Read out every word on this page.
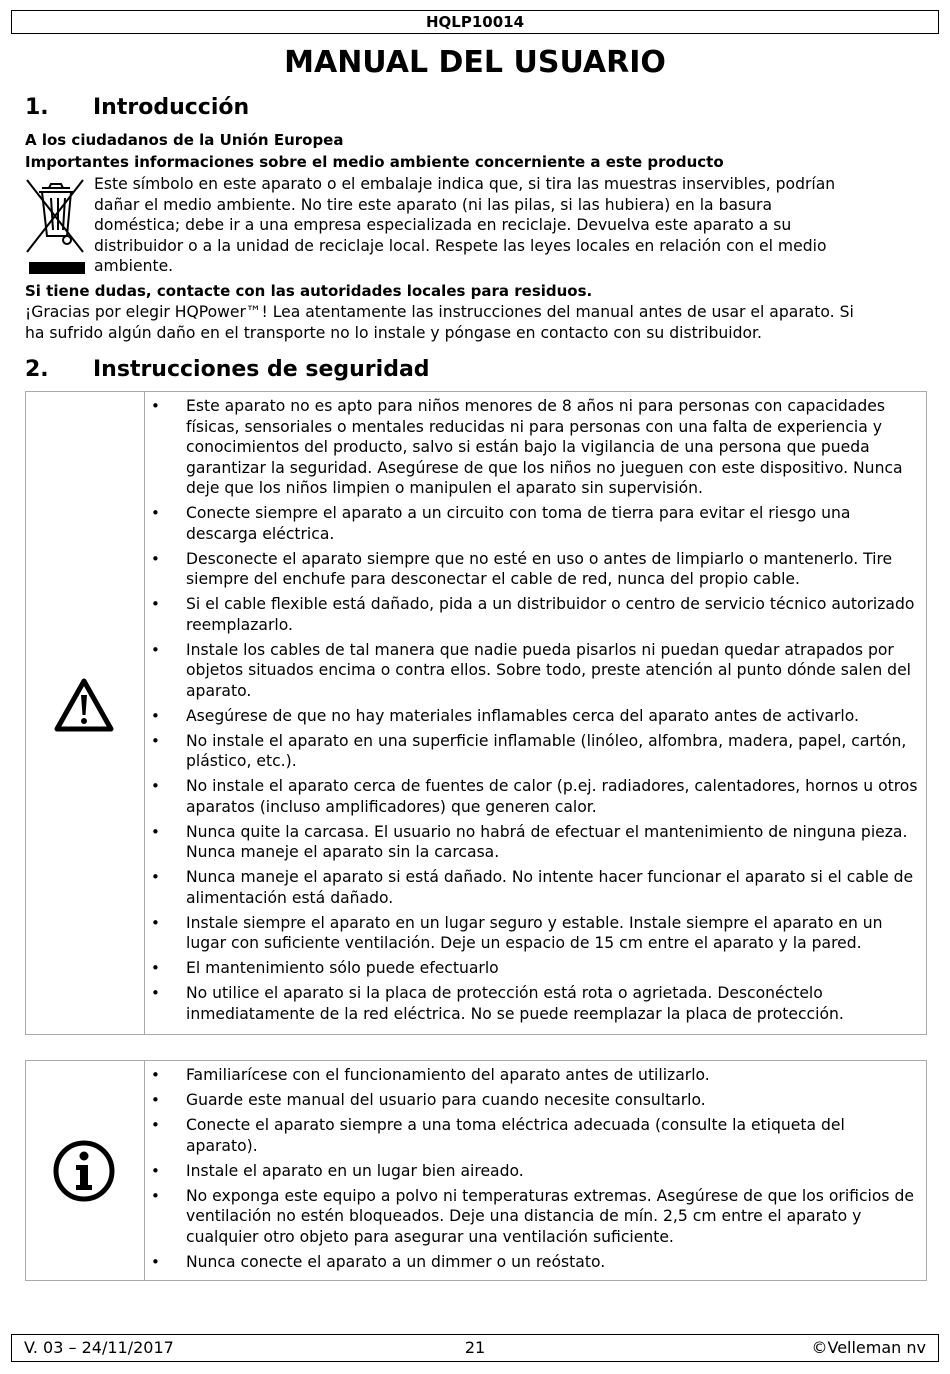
HQLP10014
MANUAL DEL USUARIO
1. Introducción
A los ciudadanos de la Unión Europea
Importantes informaciones sobre el medio ambiente concerniente a este producto
Este símbolo en este aparato o el embalaje indica que, si tira las muestras inservibles, podrían
dañar el medio ambiente. No tire este aparato (ni las pilas, si las hubiera) en la basura
doméstica; debe ir a una empresa especializada en reciclaje. Devuelva este aparato a su
distribuidor o a la unidad de reciclaje local. Respete las leyes locales en relación con el medio
ambiente.
Si tiene dudas, contacte con las autoridades locales para residuos.
¡Gracias por elegir HQPower™! Lea atentamente las instrucciones del manual antes de usar el aparato. Si
ha sufrido algún daño en el transporte no lo instale y póngase en contacto con su distribuidor.
2. Instrucciones de seguridad
• Este aparato no es apto para niños menores de 8 años ni para personas con capacidades físicas, sensoriales o mentales reducidas ni para personas con una falta de experiencia y conocimientos del producto, salvo si están bajo la vigilancia de una persona que pueda garantizar la seguridad. Asegúrese de que los niños no jueguen con este dispositivo. Nunca deje que los niños limpien o manipulen el aparato sin supervisión.
• Conecte siempre el aparato a un circuito con toma de tierra para evitar el riesgo una descarga eléctrica.
• Desconecte el aparato siempre que no esté en uso o antes de limpiarlo o mantenerlo. Tire siempre del enchufe para desconectar el cable de red, nunca del propio cable.
• Si el cable flexible está dañado, pida a un distribuidor o centro de servicio técnico autorizado reemplazarlo.
• Instale los cables de tal manera que nadie pueda pisarlos ni puedan quedar atrapados por objetos situados encima o contra ellos. Sobre todo, preste atención al punto dónde salen del aparato.
• Asegúrese de que no hay materiales inflamables cerca del aparato antes de activarlo.
• No instale el aparato en una superficie inflamable (linóleo, alfombra, madera, papel, cartón, plástico, etc.).
• No instale el aparato cerca de fuentes de calor (p.ej. radiadores, calentadores, hornos u otros aparatos (incluso amplificadores) que generen calor.
• Nunca quite la carcasa. El usuario no habrá de efectuar el mantenimiento de ninguna pieza. Nunca maneje el aparato sin la carcasa.
• Nunca maneje el aparato si está dañado. No intente hacer funcionar el aparato si el cable de alimentación está dañado.
• Instale siempre el aparato en un lugar seguro y estable. Instale siempre el aparato en un lugar con suficiente ventilación. Deje un espacio de 15 cm entre el aparato y la pared.
• El mantenimiento sólo puede efectuarlo
• No utilice el aparato si la placa de protección está rota o agrietada. Desconéctelo inmediatamente de la red eléctrica. No se puede reemplazar la placa de protección.
• Familiarícese con el funcionamiento del aparato antes de utilizarlo.
• Guarde este manual del usuario para cuando necesite consultarlo.
• Conecte el aparato siempre a una toma eléctrica adecuada (consulte la etiqueta del aparato).
• Instale el aparato en un lugar bien aireado.
• No exponga este equipo a polvo ni temperaturas extremas. Asegúrese de que los orificios de ventilación no estén bloqueados. Deje una distancia de mín. 2,5 cm entre el aparato y cualquier otro objeto para asegurar una ventilación suficiente.
• Nunca conecte el aparato a un dimmer o un reóstato.
V. 03 – 24/11/2017	21	©Velleman nv
